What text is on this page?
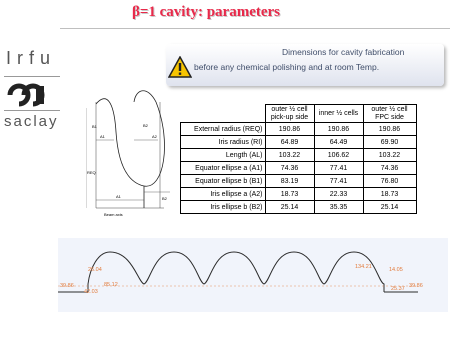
β=1 cavity: parameters
Irfu
saclay
Dimensions for cavity fabrication
before any chemical polishing and at room Temp.
B1
A1
B2
A2
REQ
A1	B2
Beam axis
	outer ½ cell pick-up side	inner ½ cells	outer ½ cell FPC side
External radius (REQ)	190.86	190.86	190.86
Iris radius (RI)	64.89	64.49	69.90
Length (AL)	103.22	106.62	103.22
Equator ellipse a (A1)	74.36	77.41	74.36
Equator ellipse b (B1)	83.19	77.41	76.80
Iris ellipse a (A2)	18.73	22.33	18.73
Iris ellipse b (B2)	25.14	35.35	25.14
39.86
26.04
85.12
42.03
134.21	14.05
25.37 39.86
